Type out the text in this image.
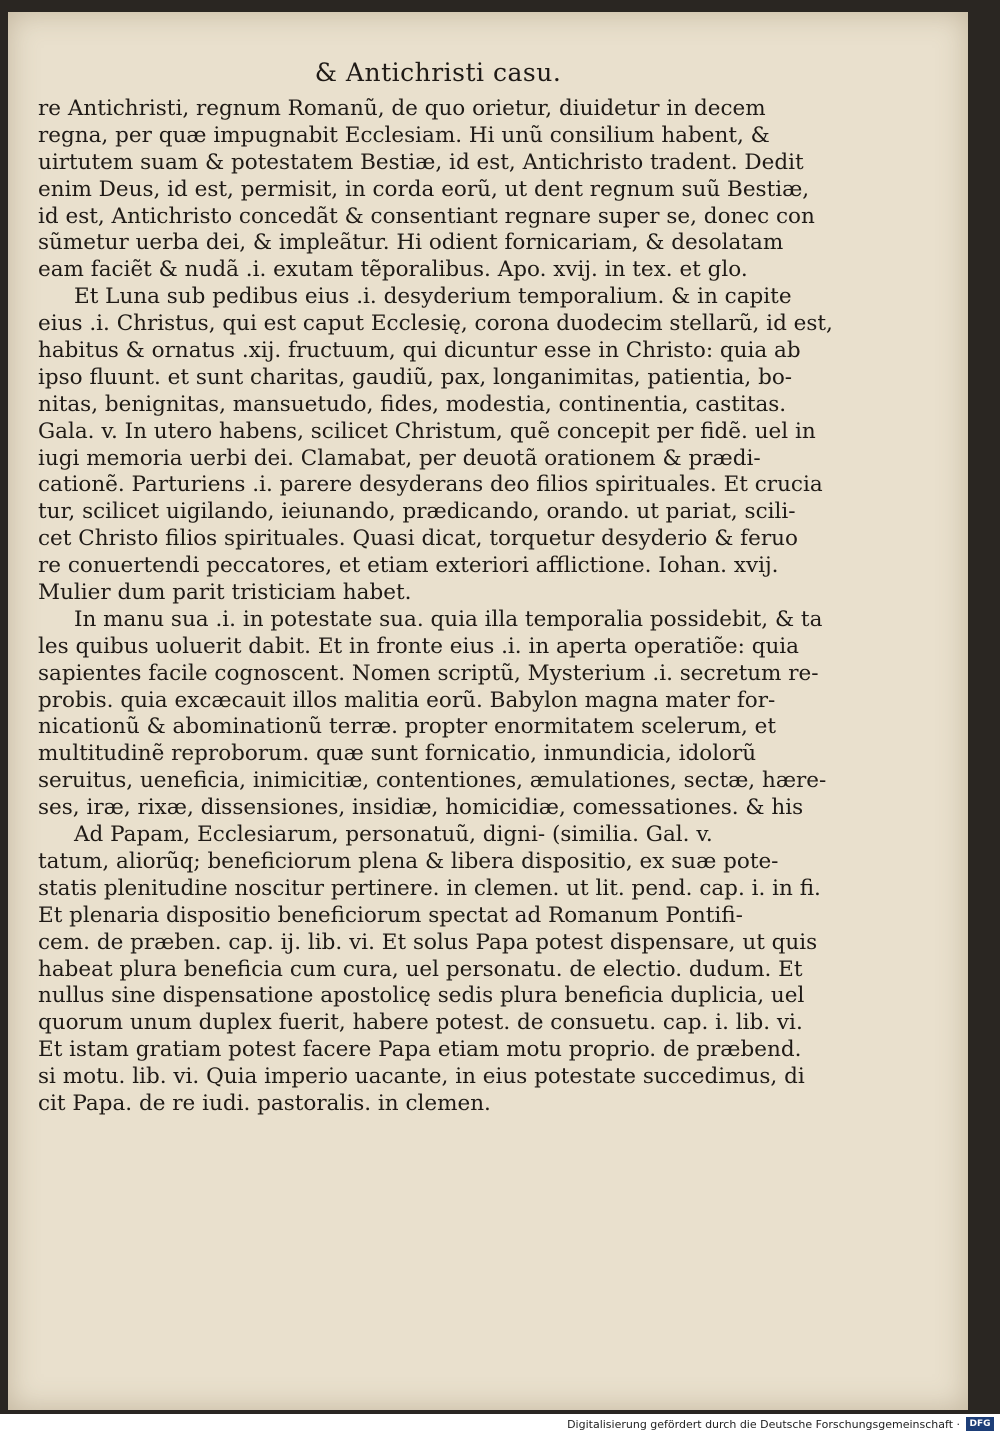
& Antichristi casu.
re Antichristi, regnum Romanũ, de quo orietur, diuidetur in decem
regna, per quæ impugnabit Ecclesiam. Hi unũ consilium habent, &
uirtutem suam & potestatem Bestiæ, id est, Antichristo tradent. Dedit
enim Deus, id est, permisit, in corda eorũ, ut dent regnum suũ Bestiæ,
id est, Antichristo concedãt & consentiant regnare super se, donec con
sũmetur uerba dei, & impleãtur. Hi odient fornicariam, & desolatam
eam faciẽt & nudã .i. exutam tẽporalibus. Apo. xvij. in tex. et glo.
Et Luna sub pedibus eius .i. desyderium temporalium. & in capite
eius .i. Christus, qui est caput Ecclesię, corona duodecim stellarũ, id est,
habitus & ornatus .xij. fructuum, qui dicuntur esse in Christo: quia ab
ipso fluunt. et sunt charitas, gaudiũ, pax, longanimitas, patientia, bo-
nitas, benignitas, mansuetudo, fides, modestia, continentia, castitas.
Gala. v. In utero habens, scilicet Christum, quẽ concepit per fidẽ. uel in
iugi memoria uerbi dei. Clamabat, per deuotã orationem & prædi-
cationẽ. Parturiens .i. parere desyderans deo filios spirituales. Et crucia
tur, scilicet uigilando, ieiunando, prædicando, orando. ut pariat, scili-
cet Christo filios spirituales. Quasi dicat, torquetur desyderio & feruo
re conuertendi peccatores, et etiam exteriori afflictione. Iohan. xvij.
Mulier dum parit tristiciam habet.
In manu sua .i. in potestate sua. quia illa temporalia possidebit, & ta
les quibus uoluerit dabit. Et in fronte eius .i. in aperta operatiõe: quia
sapientes facile cognoscent. Nomen scriptũ, Mysterium .i. secretum re-
probis. quia excæcauit illos malitia eorũ. Babylon magna mater for-
nicationũ & abominationũ terræ. propter enormitatem scelerum, et
multitudinẽ reproborum. quæ sunt fornicatio, inmundicia, idolorũ
seruitus, ueneficia, inimicitiæ, contentiones, æmulationes, sectæ, hære-
ses, iræ, rixæ, dissensiones, insidiæ, homicidiæ, comessationes. & his
Ad Papam, Ecclesiarum, personatuũ, digni- (similia. Gal. v.
tatum, aliorũq; beneficiorum plena & libera dispositio, ex suæ pote-
statis plenitudine noscitur pertinere. in clemen. ut lit. pend. cap. i. in fi.
Et plenaria dispositio beneficiorum spectat ad Romanum Pontifi-
cem. de præben. cap. ij. lib. vi. Et solus Papa potest dispensare, ut quis
habeat plura beneficia cum cura, uel personatu. de electio. dudum. Et
nullus sine dispensatione apostolicę sedis plura beneficia duplicia, uel
quorum unum duplex fuerit, habere potest. de consuetu. cap. i. lib. vi.
Et istam gratiam potest facere Papa etiam motu proprio. de præbend.
si motu. lib. vi. Quia imperio uacante, in eius potestate succedimus, di
cit Papa. de re iudi. pastoralis. in clemen.
Digitalisierung gefördert durch die Deutsche Forschungsgemeinschaft ·	DFG
